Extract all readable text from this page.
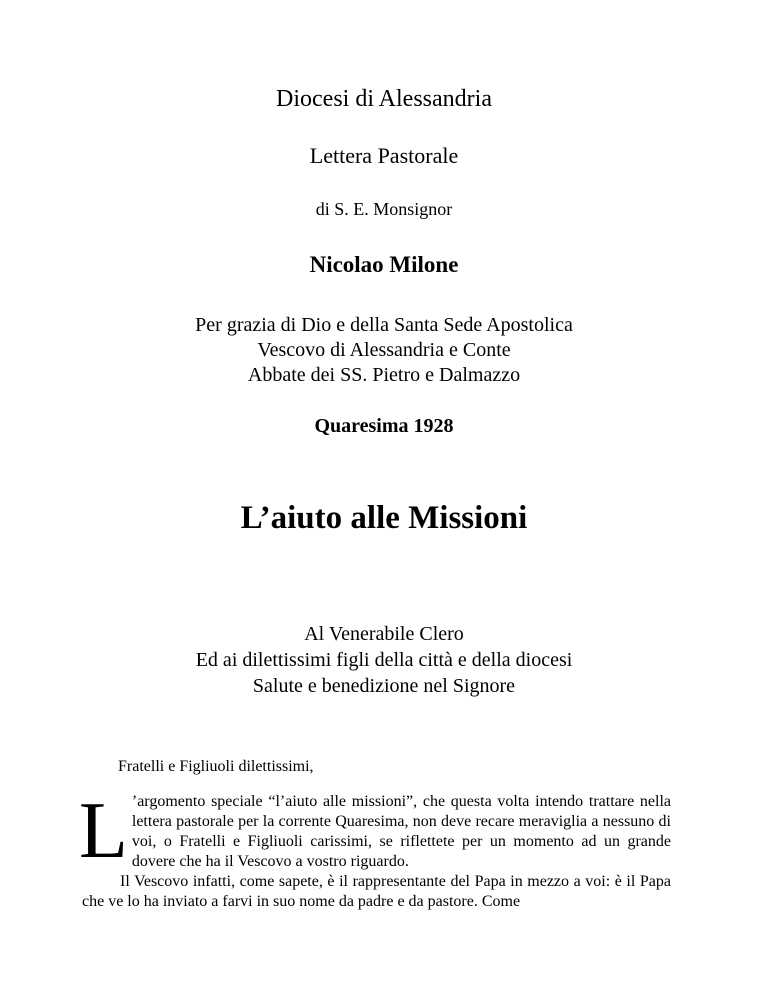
Diocesi di Alessandria
Lettera Pastorale
di S. E. Monsignor
Nicolao Milone
Per grazia di Dio e della Santa Sede Apostolica
Vescovo di Alessandria e Conte
Abbate dei SS. Pietro e Dalmazzo
Quaresima 1928
L’aiuto alle Missioni
Al Venerabile Clero
Ed ai dilettissimi figli della città e della diocesi
Salute e benedizione nel Signore
Fratelli e Figliuoli dilettissimi,

L ’argomento speciale “l’aiuto alle missioni”, che questa volta intendo trattare nella lettera pastorale per la corrente Quaresima, non deve recare meraviglia a nessuno di voi, o Fratelli e Figliuoli carissimi, se riflettete per un momento ad un grande dovere che ha il Vescovo a vostro riguardo.

Il Vescovo infatti, come sapete, è il rappresentante del Papa in mezzo a voi: è il Papa che ve lo ha inviato a farvi in suo nome da padre e da pastore. Come
